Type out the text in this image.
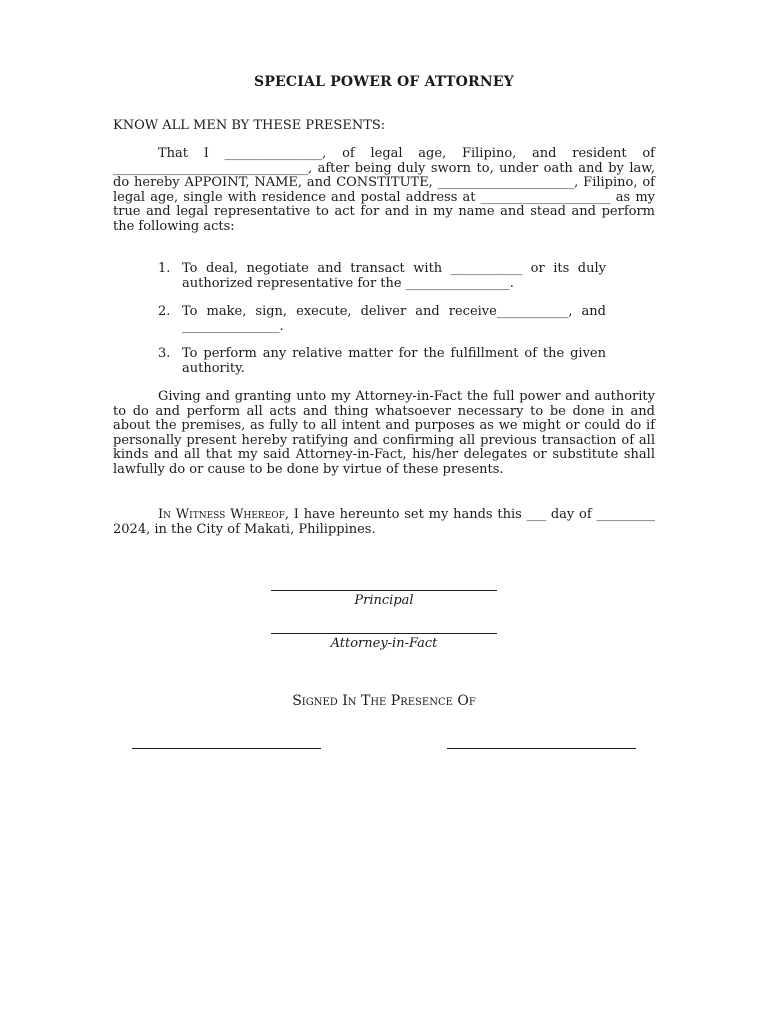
SPECIAL POWER OF ATTORNEY
KNOW ALL MEN BY THESE PRESENTS:

That I _______________, of legal age, Filipino, and resident of ______________________________, after being duly sworn to, under oath and by law, do hereby APPOINT, NAME, and CONSTITUTE, _____________________, Filipino, of legal age, single with residence and postal address at ____________________ as my true and legal representative to act for and in my name and stead and perform the following acts:

1. To deal, negotiate and transact with ___________ or its duly authorized representative for the ________________.
2. To make, sign, execute, deliver and receive___________, and _______________.
3. To perform any relative matter for the fulfillment of the given authority.

Giving and granting unto my Attorney-in-Fact the full power and authority to do and perform all acts and thing whatsoever necessary to be done in and about the premises, as fully to all intent and purposes as we might or could do if personally present hereby ratifying and confirming all previous transaction of all kinds and all that my said Attorney-in-Fact, his/her delegates or substitute shall lawfully do or cause to be done by virtue of these presents.

In Witness Whereof, I have hereunto set my hands this ___ day of _________ 2024, in the City of Makati, Philippines.

Principal
Attorney-in-Fact
Signed In The Presence Of
